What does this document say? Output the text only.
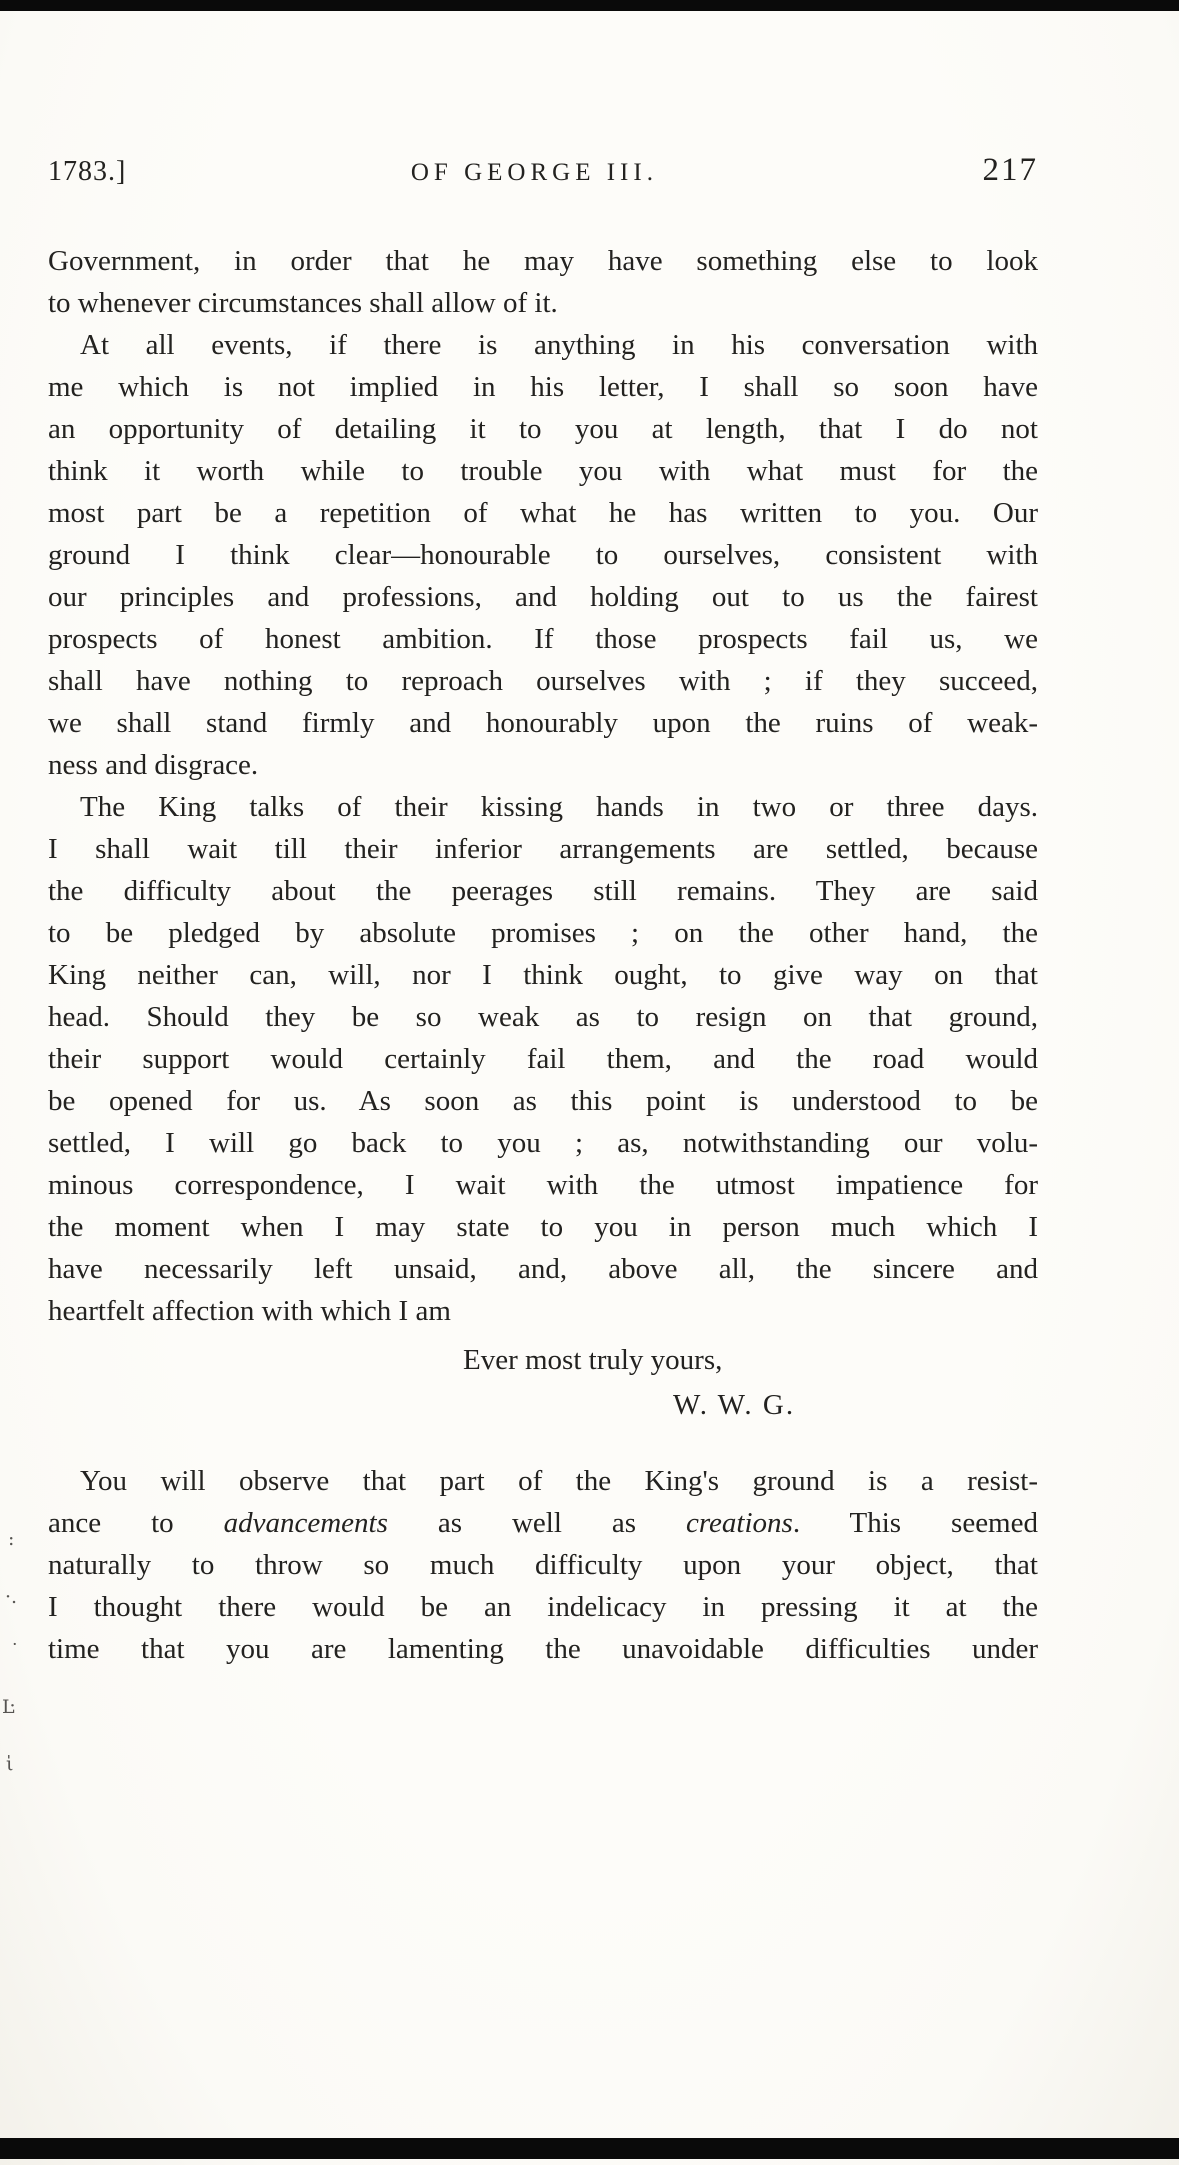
1783.]	OF GEORGE III.	217
Government, in order that he may have something else to look
to whenever circumstances shall allow of it.
At all events, if there is anything in his conversation with
me which is not implied in his letter, I shall so soon have
an opportunity of detailing it to you at length, that I do not
think it worth while to trouble you with what must for the
most part be a repetition of what he has written to you. Our
ground I think clear—honourable to ourselves, consistent with
our principles and professions, and holding out to us the fairest
prospects of honest ambition. If those prospects fail us, we
shall have nothing to reproach ourselves with ; if they succeed,
we shall stand firmly and honourably upon the ruins of weak-
ness and disgrace.
The King talks of their kissing hands in two or three days.
I shall wait till their inferior arrangements are settled, because
the difficulty about the peerages still remains. They are said
to be pledged by absolute promises ; on the other hand, the
King neither can, will, nor I think ought, to give way on that
head. Should they be so weak as to resign on that ground,
their support would certainly fail them, and the road would
be opened for us. As soon as this point is understood to be
settled, I will go back to you ; as, notwithstanding our volu-
minous correspondence, I wait with the utmost impatience for
the moment when I may state to you in person much which I
have necessarily left unsaid, and, above all, the sincere and
heartfelt affection with which I am
Ever most truly yours,
W. W. G.
You will observe that part of the King's ground is a resist-
ance to advancements as well as creations. This seemed
naturally to throw so much difficulty upon your object, that
I thought there would be an indelicacy in pressing it at the
time that you are lamenting the unavoidable difficulties under
:
·.
˙
Ŀ
ι̍
